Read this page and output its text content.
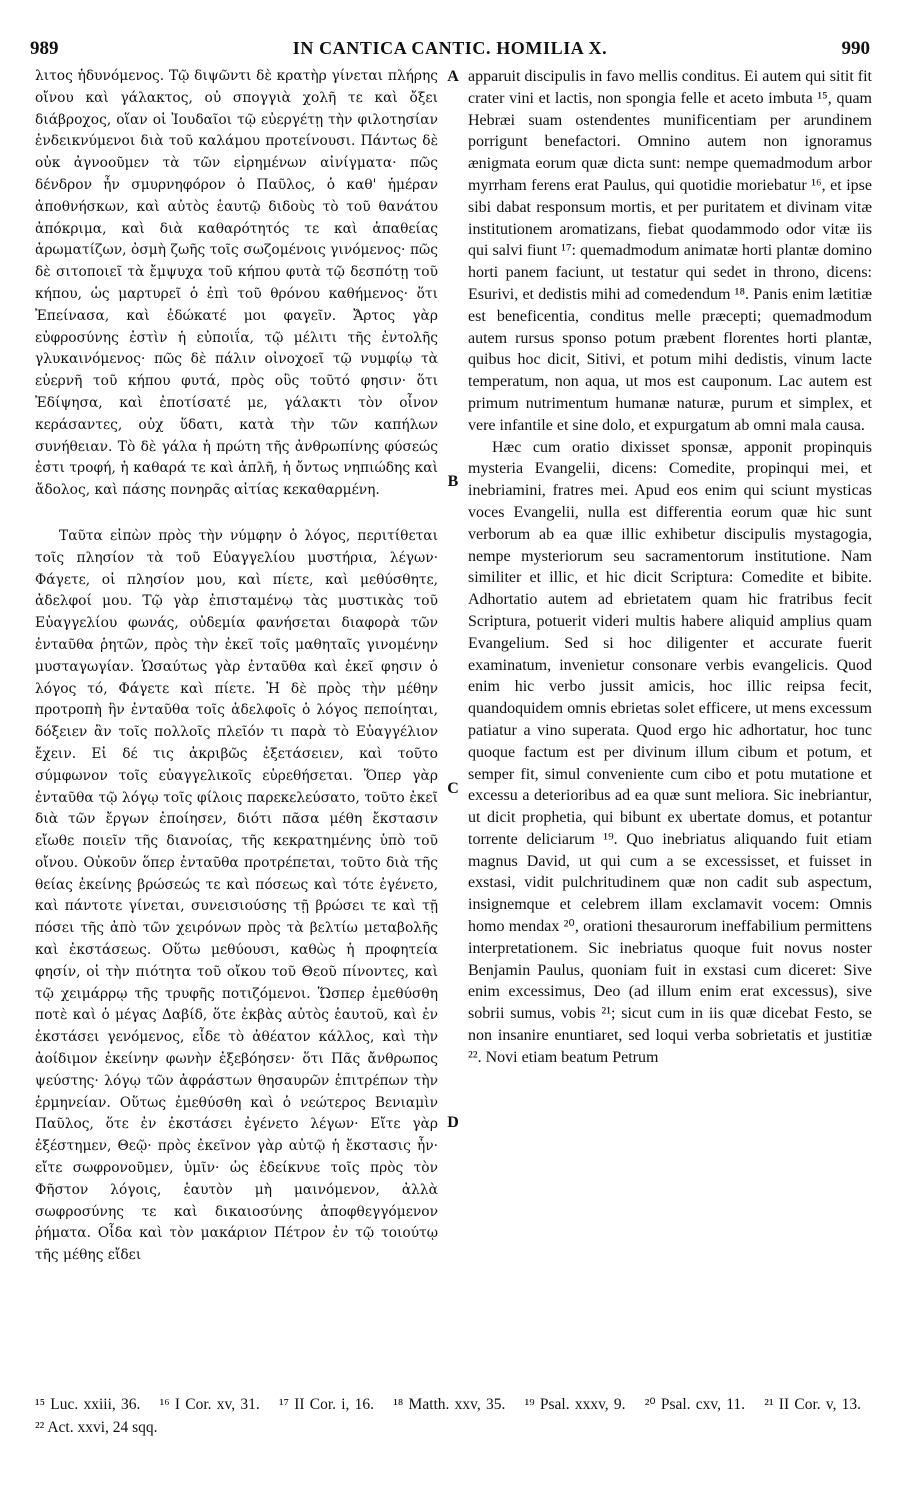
989	IN CANTICA CANTIC. HOMILIA X.	990

λιτος ἡδυνόμενος. Τῷ διψῶντι δὲ κρατὴρ γίνεται πλήρης οἴνου καὶ γάλακτος, οὐ σπογγιὰ χολῆ τε καὶ ὄξει διάβροχος, οἵαν οἱ Ἰουδαῖοι τῷ εὐεργέτῃ τὴν φιλοτησίαν ἐνδεικνύμενοι διὰ τοῦ καλάμου προτείνουσι. Πάντως δὲ οὐκ ἀγνοοῦμεν τὰ τῶν εἰρημένων αἰνίγματα· πῶς δένδρον ἦν σμυρνηφόρον ὁ Παῦλος, ὁ καθ' ἡμέραν ἀποθνήσκων, καὶ αὐτὸς ἑαυτῷ διδοὺς τὸ τοῦ θανάτου ἀπόκριμα, καὶ διὰ καθαρότητός τε καὶ ἀπαθείας ἀρωματίζων, ὀσμὴ ζωῆς τοῖς σωζομένοις γινόμενος· πῶς δὲ σιτοποιεῖ τὰ ἔμψυχα τοῦ κήπου φυτὰ τῷ δεσπότῃ τοῦ κήπου, ὡς μαρτυρεῖ ὁ ἐπὶ τοῦ θρόνου καθήμενος· ὅτι Ἐπείνασα, καὶ ἐδώκατέ μοι φαγεῖν. Ἄρτος γὰρ εὐφροσύνης ἐστὶν ἡ εὐποιΐα, τῷ μέλιτι τῆς ἐντολῆς γλυκαινόμενος· πῶς δὲ πάλιν οἰνοχοεῖ τῷ νυμφίῳ τὰ εὐερνῆ τοῦ κήπου φυτά, πρὸς οὓς τοῦτό φησιν· ὅτι Ἐδίψησα, καὶ ἐποτίσατέ με, γάλακτι τὸν οἶνον κεράσαντες, οὐχ ὕδατι, κατὰ τὴν τῶν καπήλων συνήθειαν. Τὸ δὲ γάλα ἡ πρώτη τῆς ἀνθρωπίνης φύσεώς ἐστι τροφή, ἡ καθαρά τε καὶ ἁπλῆ, ἡ ὄντως νηπιώδης καὶ ἄδολος, καὶ πάσης πονηρᾶς αἰτίας κεκαθαρμένη.

Ταῦτα εἰπὼν πρὸς τὴν νύμφην ὁ λόγος, περιτίθεται τοῖς πλησίον τὰ τοῦ Εὐαγγελίου μυστήρια, λέγων· Φάγετε, οἱ πλησίον μου, καὶ πίετε, καὶ μεθύσθητε, ἀδελφοί μου. Τῷ γὰρ ἐπισταμένῳ τὰς μυστικὰς τοῦ Εὐαγγελίου φωνάς, οὐδεμία φανήσεται διαφορὰ τῶν ἐνταῦθα ῥητῶν, πρὸς τὴν ἐκεῖ τοῖς μαθηταῖς γινομένην μυσταγωγίαν. Ὡσαύτως γὰρ ἐνταῦθα καὶ ἐκεῖ φησιν ὁ λόγος τό, Φάγετε καὶ πίετε. Ἡ δὲ πρὸς τὴν μέθην προτροπὴ ἣν ἐνταῦθα τοῖς ἀδελφοῖς ὁ λόγος πεποίηται, δόξειεν ἂν τοῖς πολλοῖς πλεῖόν τι παρὰ τὸ Εὐαγγέλιον ἔχειν. Εἰ δέ τις ἀκριβῶς ἐξετάσειεν, καὶ τοῦτο σύμφωνον τοῖς εὐαγγελικοῖς εὑρεθήσεται. Ὅπερ γὰρ ἐνταῦθα τῷ λόγῳ τοῖς φίλοις παρεκελεύσατο, τοῦτο ἐκεῖ διὰ τῶν ἔργων ἐποίησεν, διότι πᾶσα μέθη ἔκστασιν εἴωθε ποιεῖν τῆς διανοίας, τῆς κεκρατημένης ὑπὸ τοῦ οἴνου. Οὐκοῦν ὅπερ ἐνταῦθα προτρέπεται, τοῦτο διὰ τῆς θείας ἐκείνης βρώσεώς τε καὶ πόσεως καὶ τότε ἐγένετο, καὶ πάντοτε γίνεται, συνεισιούσης τῇ βρώσει τε καὶ τῇ πόσει τῆς ἀπὸ τῶν χειρόνων πρὸς τὰ βελτίω μεταβολῆς καὶ ἐκστάσεως. Οὕτω μεθύουσι, καθὼς ἡ προφητεία φησίν, οἱ τὴν πιότητα τοῦ οἴκου τοῦ Θεοῦ πίνοντες, καὶ τῷ χειμάρρῳ τῆς τρυφῆς ποτιζόμενοι. Ὥσπερ ἐμεθύσθη ποτὲ καὶ ὁ μέγας Δαβίδ, ὅτε ἐκβὰς αὐτὸς ἑαυτοῦ, καὶ ἐν ἐκστάσει γενόμενος, εἶδε τὸ ἀθέατον κάλλος, καὶ τὴν ἀοίδιμον ἐκείνην φωνὴν ἐξεβόησεν· ὅτι Πᾶς ἄνθρωπος ψεύστης· λόγῳ τῶν ἀφράστων θησαυρῶν ἐπιτρέπων τὴν ἑρμηνείαν. Οὕτως ἐμεθύσθη καὶ ὁ νεώτερος Βενιαμὶν Παῦλος, ὅτε ἐν ἐκστάσει ἐγένετο λέγων· Εἴτε γὰρ ἐξέστημεν, Θεῷ· πρὸς ἐκεῖνον γὰρ αὐτῷ ἡ ἔκστασις ἦν· εἴτε σωφρονοῦμεν, ὑμῖν· ὡς ἐδείκνυε τοῖς πρὸς τὸν Φῆστον λόγοις, ἑαυτὸν μὴ μαινόμενον, ἀλλὰ σωφροσύνης τε καὶ δικαιοσύνης ἀποφθεγγόμενον ῥήματα. Οἶδα καὶ τὸν μακάριον Πέτρον ἐν τῷ τοιούτῳ τῆς μέθης εἴδει

A
B
C
D

apparuit discipulis in favo mellis conditus. Ei autem qui sitit fit crater vini et lactis, non spongia felle et aceto imbuta ¹⁵, quam Hebræi suam ostendentes munificentiam per arundinem porrigunt benefactori. Omnino autem non ignoramus ænigmata eorum quæ dicta sunt: nempe quemadmodum arbor myrrham ferens erat Paulus, qui quotidie moriebatur ¹⁶, et ipse sibi dabat responsum mortis, et per puritatem et divinam vitæ institutionem aromatizans, fiebat quodammodo odor vitæ iis qui salvi fiunt ¹⁷: quemadmodum animatæ horti plantæ domino horti panem faciunt, ut testatur qui sedet in throno, dicens: Esurivi, et dedistis mihi ad comedendum ¹⁸. Panis enim lætitiæ est beneficentia, conditus melle præcepti; quemadmodum autem rursus sponso potum præbent florentes horti plantæ, quibus hoc dicit, Sitivi, et potum mihi dedistis, vinum lacte temperatum, non aqua, ut mos est cauponum. Lac autem est primum nutrimentum humanæ naturæ, purum et simplex, et vere infantile et sine dolo, et expurgatum ab omni mala causa.

Hæc cum oratio dixisset sponsæ, apponit propinquis mysteria Evangelii, dicens: Comedite, propinqui mei, et inebriamini, fratres mei. Apud eos enim qui sciunt mysticas voces Evangelii, nulla est differentia eorum quæ hic sunt verborum ab ea quæ illic exhibetur discipulis mystagogia, nempe mysteriorum seu sacramentorum institutione. Nam similiter et illic, et hic dicit Scriptura: Comedite et bibite. Adhortatio autem ad ebrietatem quam hic fratribus fecit Scriptura, potuerit videri multis habere aliquid amplius quam Evangelium. Sed si hoc diligenter et accurate fuerit examinatum, invenietur consonare verbis evangelicis. Quod enim hic verbo jussit amicis, hoc illic reipsa fecit, quandoquidem omnis ebrietas solet efficere, ut mens excessum patiatur a vino superata. Quod ergo hic adhortatur, hoc tunc quoque factum est per divinum illum cibum et potum, et semper fit, simul conveniente cum cibo et potu mutatione et excessu a deterioribus ad ea quæ sunt meliora. Sic inebriantur, ut dicit prophetia, qui bibunt ex ubertate domus, et potantur torrente deliciarum ¹⁹. Quo inebriatus aliquando fuit etiam magnus David, ut qui cum a se excessisset, et fuisset in exstasi, vidit pulchritudinem quæ non cadit sub aspectum, insignemque et celebrem illam exclamavit vocem: Omnis homo mendax ²⁰, orationi thesaurorum ineffabilium permittens interpretationem. Sic inebriatus quoque fuit novus noster Benjamin Paulus, quoniam fuit in exstasi cum diceret: Sive enim excessimus, Deo (ad illum enim erat excessus), sive sobrii sumus, vobis ²¹; sicut cum in iis quæ dicebat Festo, se non insanire enuntiaret, sed loqui verba sobrietatis et justitiæ ²². Novi etiam beatum Petrum

¹⁵ Luc. xxiii, 36. ¹⁶ I Cor. xv, 31. ¹⁷ II Cor. i, 16. ¹⁸ Matth. xxv, 35. ¹⁹ Psal. xxxv, 9. ²⁰ Psal. cxv, 11. ²¹ II Cor. v, 13. ²² Act. xxvi, 24 sqq.
